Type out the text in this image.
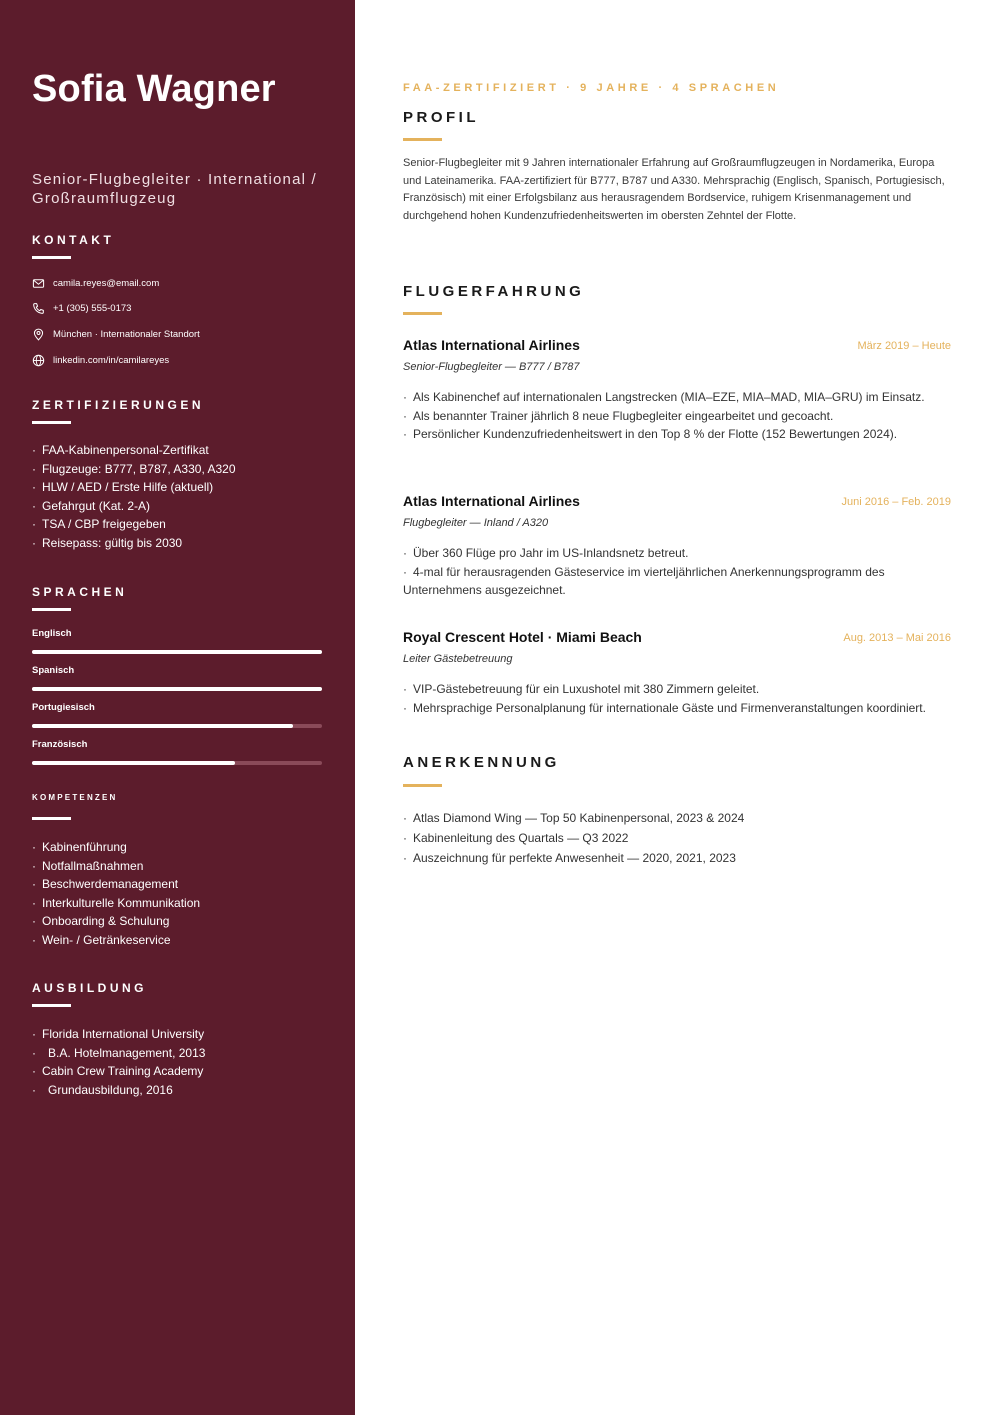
Sofia Wagner
Senior-Flugbegleiter · International / Großraumflugzeug
KONTAKT
camila.reyes@email.com
+1 (305) 555-0173
München · Internationaler Standort
linkedin.com/in/camilareyes
ZERTIFIZIERUNGEN
· FAA-Kabinenpersonal-Zertifikat
· Flugzeuge: B777, B787, A330, A320
· HLW / AED / Erste Hilfe (aktuell)
· Gefahrgut (Kat. 2-A)
· TSA / CBP freigegeben
· Reisepass: gültig bis 2030
SPRACHEN
Englisch
Spanisch
Portugiesisch
Französisch
KOMPETENZEN
· Kabinenführung
· Notfallmaßnahmen
· Beschwerdemanagement
· Interkulturelle Kommunikation
· Onboarding & Schulung
· Wein- / Getränkeservice
AUSBILDUNG
· Florida International University
· B.A. Hotelmanagement, 2013
· Cabin Crew Training Academy
· Grundausbildung, 2016
FAA-ZERTIFIZIERT · 9 JAHRE · 4 SPRACHEN
PROFIL

Senior-Flugbegleiter mit 9 Jahren internationaler Erfahrung auf Großraumflugzeugen in Nordamerika, Europa und Lateinamerika. FAA-zertifiziert für B777, B787 und A330. Mehrsprachig (Englisch, Spanisch, Portugiesisch, Französisch) mit einer Erfolgsbilanz aus herausragendem Bordservice, ruhigem Krisenmanagement und durchgehend hohen Kundenzufriedenheitswerten im obersten Zehntel der Flotte.

FLUGERFAHRUNG
Atlas International Airlines	März 2019 – Heute
Senior-Flugbegleiter — B777 / B787
· Als Kabinenchef auf internationalen Langstrecken (MIA–EZE, MIA–MAD, MIA–GRU) im Einsatz.
· Als benannter Trainer jährlich 8 neue Flugbegleiter eingearbeitet und gecoacht.
· Persönlicher Kundenzufriedenheitswert in den Top 8 % der Flotte (152 Bewertungen 2024).
Atlas International Airlines	Juni 2016 – Feb. 2019
Flugbegleiter — Inland / A320
· Über 360 Flüge pro Jahr im US-Inlandsnetz betreut.
· 4-mal für herausragenden Gästeservice im vierteljährlichen Anerkennungsprogramm des Unternehmens ausgezeichnet.
Royal Crescent Hotel · Miami Beach	Aug. 2013 – Mai 2016
Leiter Gästebetreuung
· VIP-Gästebetreuung für ein Luxushotel mit 380 Zimmern geleitet.
· Mehrsprachige Personalplanung für internationale Gäste und Firmenveranstaltungen koordiniert.
ANERKENNUNG
· Atlas Diamond Wing — Top 50 Kabinenpersonal, 2023 & 2024
· Kabinenleitung des Quartals — Q3 2022
· Auszeichnung für perfekte Anwesenheit — 2020, 2021, 2023
